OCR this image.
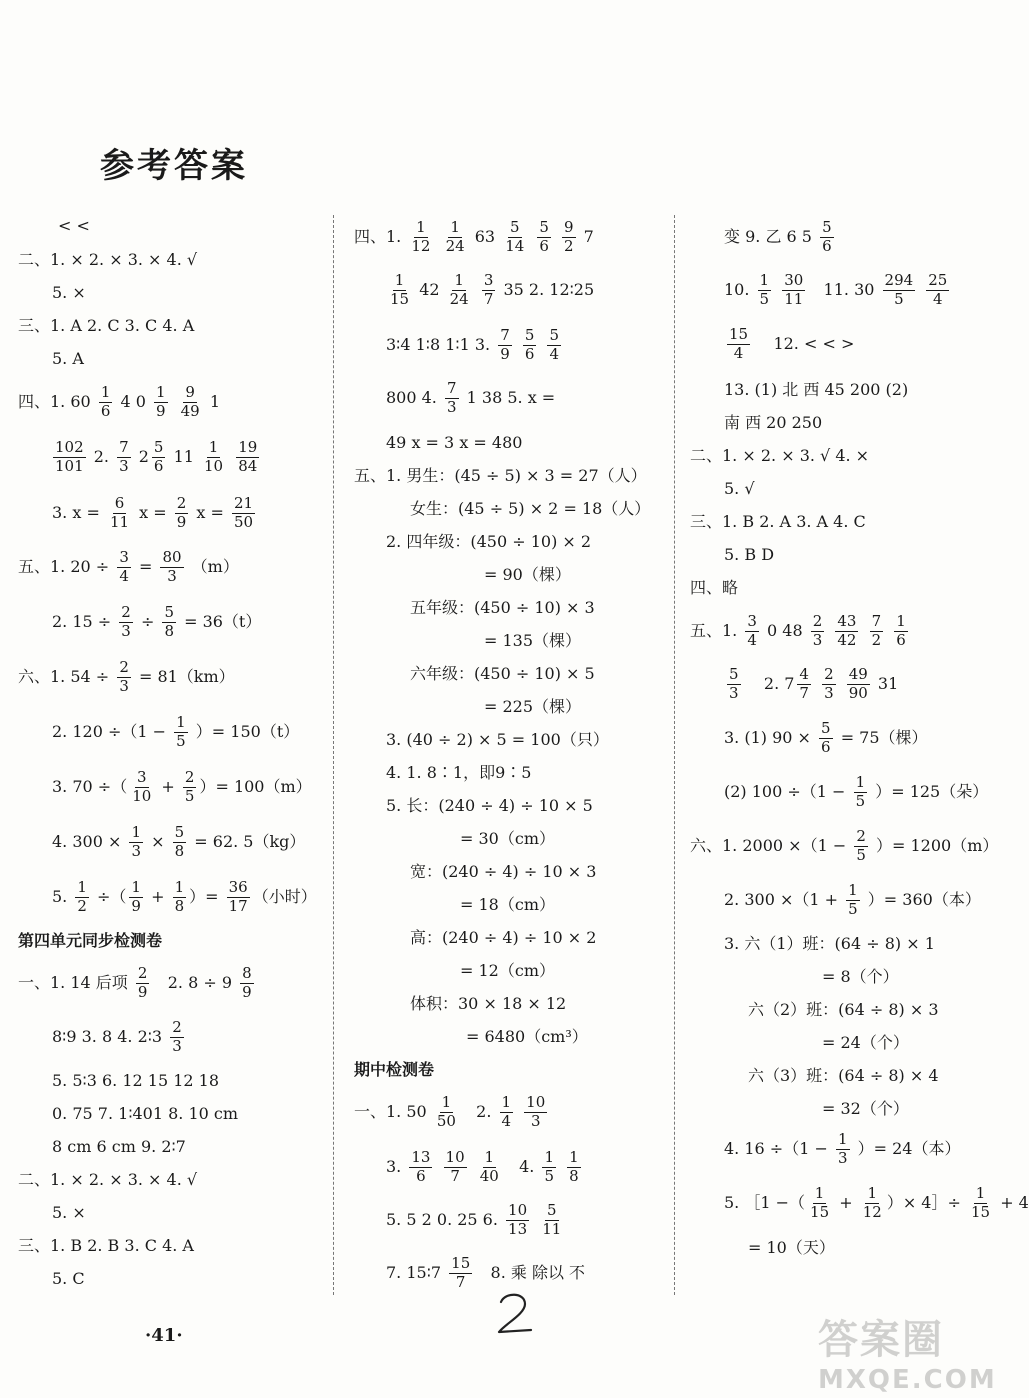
参考答案
< <
二、1. × 2. × 3. × 4. √
5. ×
三、1. A 2. C 3. C 4. A
5. A
四、1. $60 \frac{1}{6} 4$ $0 \frac{1}{9}$
$\frac{9}{49} 1$
$\frac{102}{101} 2$. $\frac{7}{3} 2 \frac{5}{6} 11 \frac{1}{10}$
$\frac{19}{84}$
3. $x = \frac{6}{11}$ $x = \frac{2}{9}$ $x = \frac{21}{50}$
五、1. $20 \div \frac{3}{4} = \frac{80}{3} (m)$
2. $15 \div \frac{2}{3} \div \frac{5}{8} = 36(t)$
六、1. $54 \div \frac{2}{3} = 81(km)$
2. $120 \div(1 - \frac{1}{5}$ ）= 150（t）
3. 70 ÷（ $\frac{3}{10} + \frac{2}{5}$ ）= 100（m）
4. $300 \times \frac{1}{3} \times \frac{5}{8} = 62$. 5（kg）
5. $\frac{1}{2}$ ÷（ $\frac{1}{9} + \frac{1}{8}$ ）= $\frac{36}{17}$ （小时）
第四单元同步检测卷
一、1. 14 后项 $\frac{2}{9} 2$. $8 \div 9 \frac{8}{9}$
8∶9 3. 8 4. 2∶3 $\frac{2}{3}$
5. 5∶3 6. 12 15 12 18
0. 75 7. 1∶401 8. 10 cm
8 cm 6 cm 9. 2∶7
二、1. × 2. × 3. × 4. √
5. ×
三、1. B 2. B 3. C 4. A
5. C
四、1. $\frac{1}{12}$
$\frac{1}{24} 63 \frac{5}{14}$
$\frac{5}{6}$
$\frac{9}{2} 7$
$\frac{1}{15} 42 \frac{1}{24}$
$\frac{3}{7} 35$ 2. 12∶25
3∶4 1∶8 1∶1 3. $\frac{7}{9}$
$\frac{5}{6}$
$\frac{5}{4}$
800 4. $\frac{7}{3} 1$ 38 5. x =
49 x = 3 x = 480
五、1. 男生：(45 ÷ 5) × 3 = 27（人）
女生：(45 ÷ 5) × 2 = 18（人）
2. 四年级：(450 ÷ 10) × 2
= 90（棵）
五年级：(450 ÷ 10) × 3
= 135（棵）
六年级：(450 ÷ 10) × 5
= 225（棵）
3. (40 ÷ 2) × 5 = 100（只）
4. 1. 8∶1，即9∶5
5. 长：(240 ÷ 4) ÷ 10 × 5
= 30（cm）
宽：(240 ÷ 4) ÷ 10 × 3
= 18（cm）
高：(240 ÷ 4) ÷ 10 × 2
= 12（cm）
体积：30 × 18 × 12
= 6480（cm³）
期中检测卷
一、1. $50 \frac{1}{50} 2$. $\frac{1}{4}$
$\frac{10}{3}$
3. $\frac{13}{6}$
$\frac{10}{7}$
$\frac{1}{40} 4$. $\frac{1}{5}$
$\frac{1}{8}$
5. 5 2 0. 25 6. $\frac{10}{13}$
$\frac{5}{11}$
7. 15∶7 $\frac{15}{7} 8$. 乘 除以 不
变 9. 乙 6 $5 \frac{5}{6}$
10. $\frac{1}{5}$
$\frac{30}{11} 11$. $30 \frac{294}{5}$
$\frac{25}{4}$
$\frac{15}{4} 12$. < < >
13. (1) 北 西 45 200 (2)
南 西 20 250
二、1. × 2. × 3. √ 4. ×
5. √
三、1. B 2. A 3. A 4. C
5. B D
四、略
五、1. $\frac{3}{4} 0$ $48 \frac{2}{3}$
$\frac{43}{42}$
$\frac{7}{2}$
$\frac{1}{6}$
$\frac{5}{3} 2$. $7 \frac{4}{7}$
$\frac{2}{3}$
$\frac{49}{90} 31$
3. (1) $90 \times \frac{5}{6} = 75$（棵）
(2) $100 \div(1 - \frac{1}{5}$ ）= 125（朵）
六、1. $2000 \times(1 - \frac{2}{5}$ ）= 1200（m）
2. $300 \times(1 + \frac{1}{5}$ ）= 360（本）
3. 六（1）班：(64 ÷ 8) × 1
= 8（个）
六（2）班：(64 ÷ 8) × 3
= 24（个）
六（3）班：(64 ÷ 8) × 4
= 32（个）
4. $16 \div(1 - \frac{1}{3}$ ）= 24（本）
5. ［1 −（ $\frac{1}{15} + \frac{1}{12}$ ）× 4］÷ $\frac{1}{15} + 4$
= 10（天）
·41·
2
答案圈
MXQE.COM
